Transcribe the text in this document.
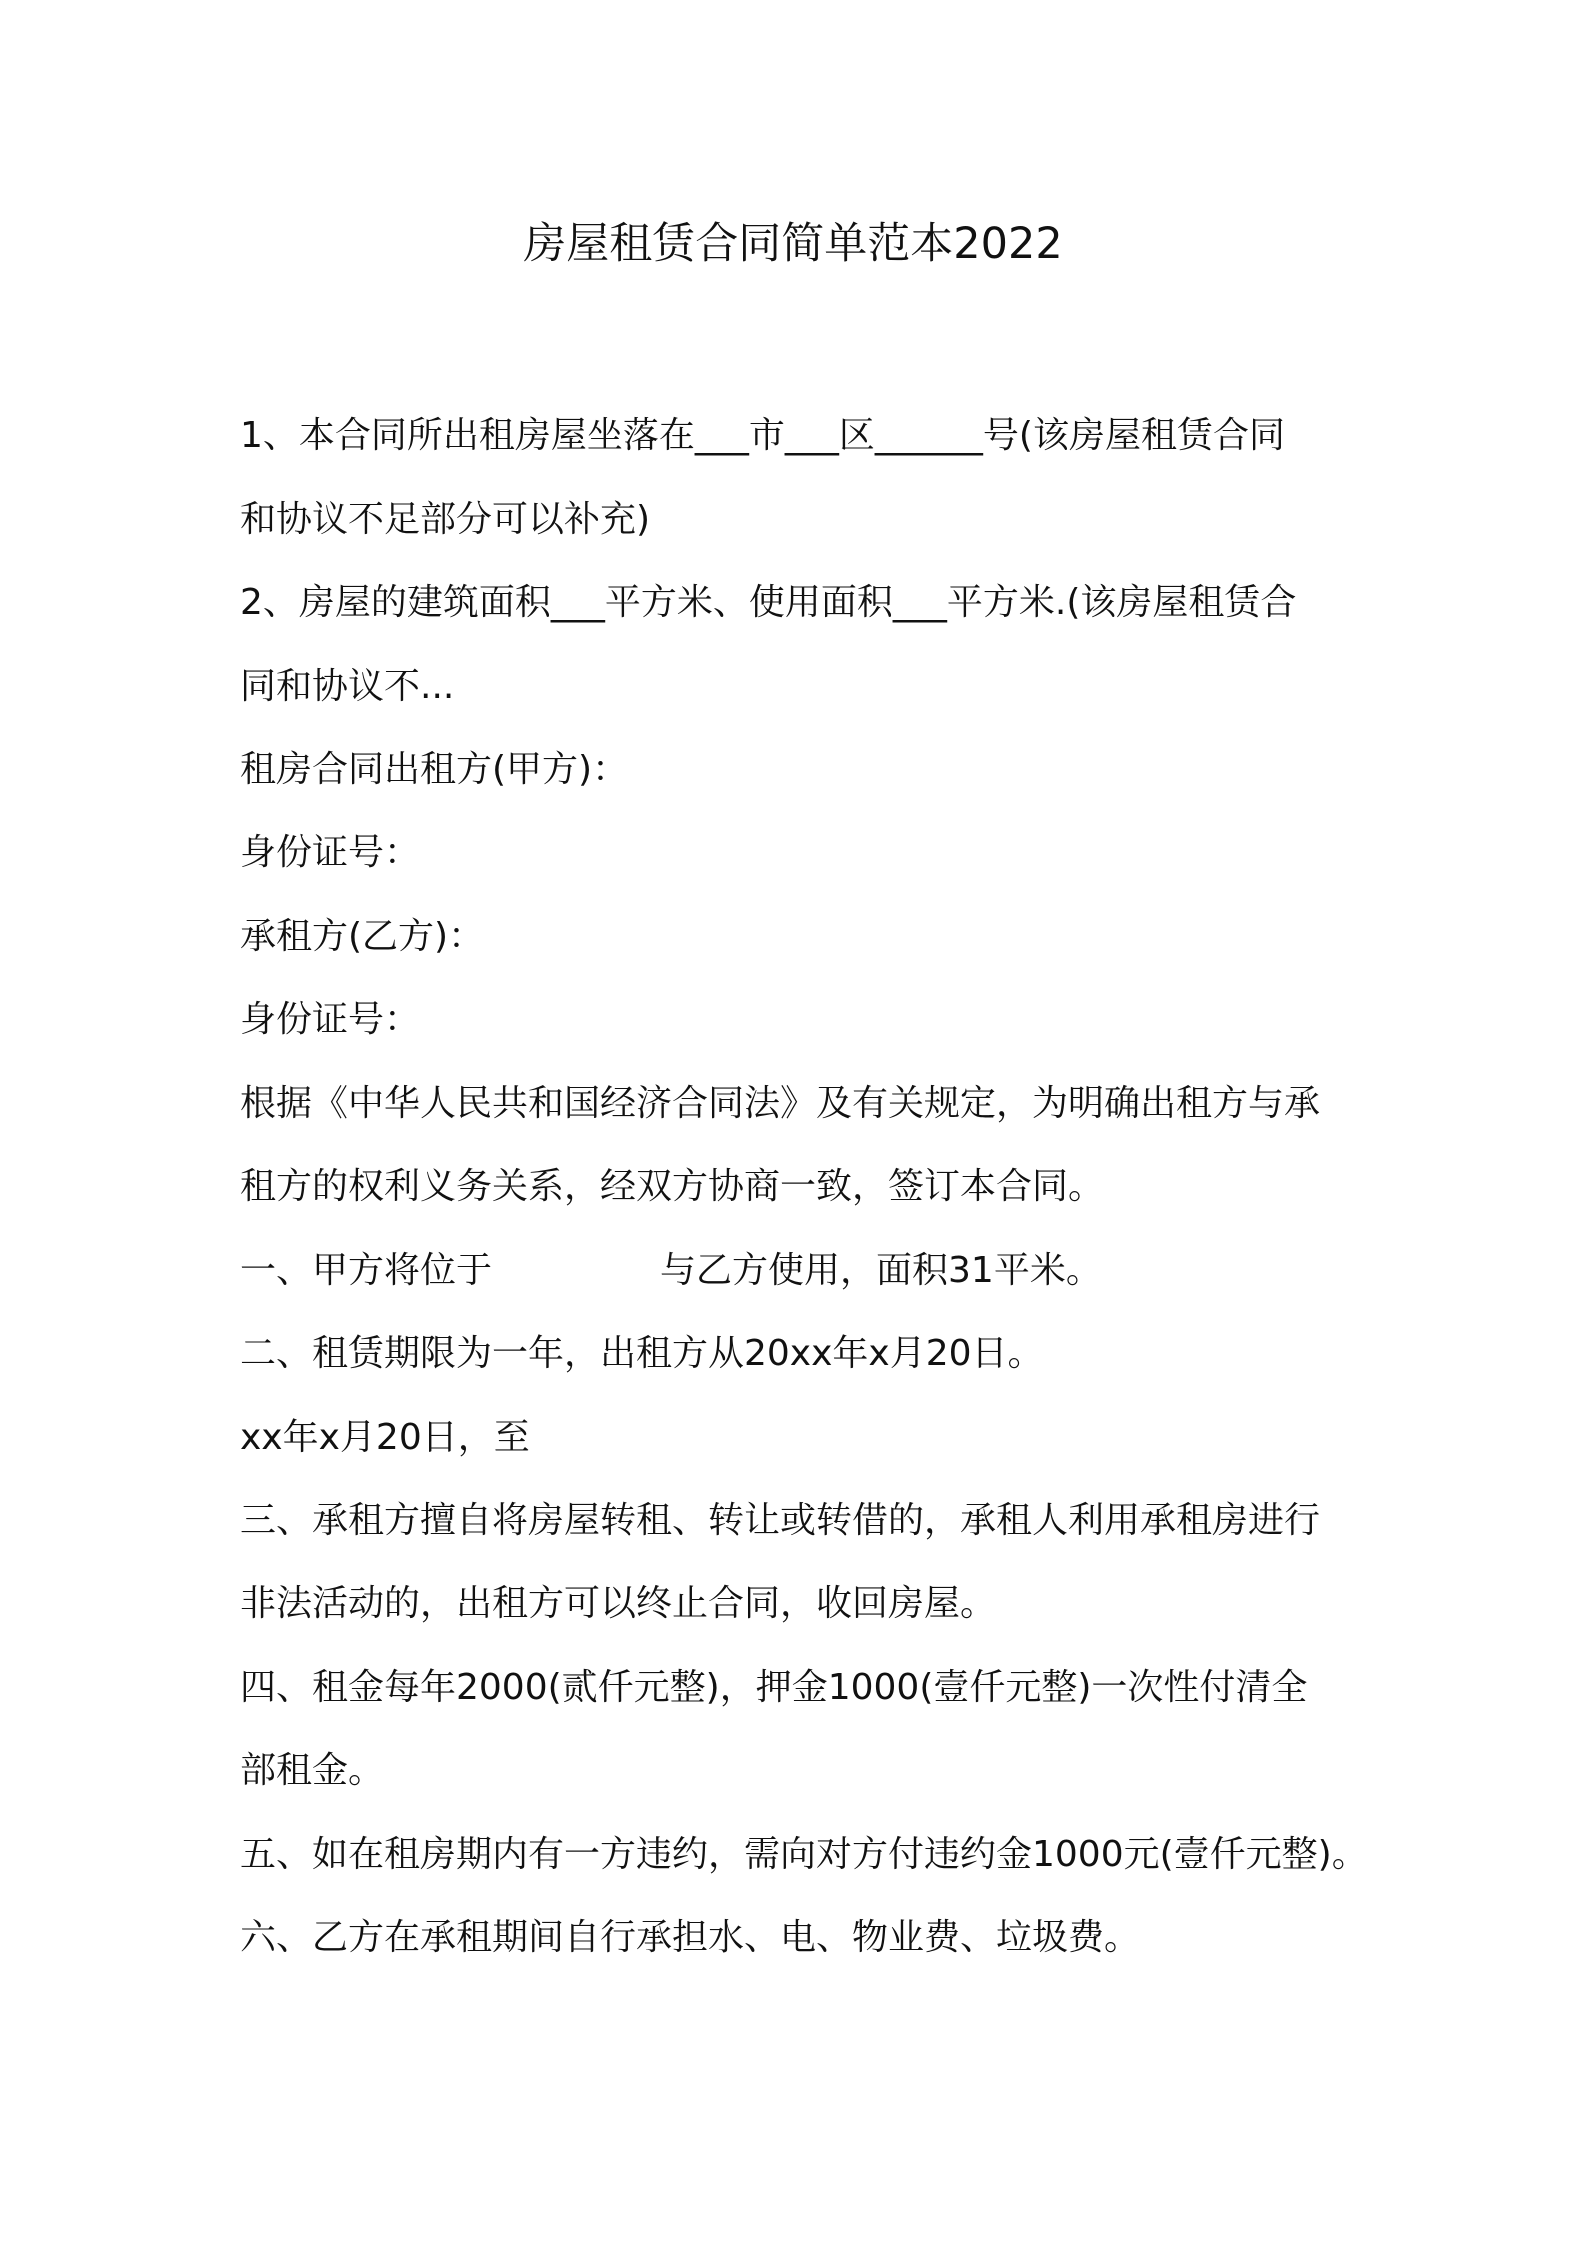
房屋租赁合同简单范本2022
1、本合同所出租房屋坐落在___市___区______号(该房屋租赁合同
和协议不足部分可以补充)
2、房屋的建筑面积___平方米、使用面积___平方米.(该房屋租赁合
同和协议不...
租房合同出租方(甲方)：
身份证号：
承租方(乙方)：
身份证号：
根据《中华人民共和国经济合同法》及有关规定，为明确出租方与承
租方的权利义务关系，经双方协商一致，签订本合同。
一、甲方将位于	与乙方使用，面积31平米。
二、租赁期限为一年，出租方从20xx年x月20日。
xx年x月20日，至
三、承租方擅自将房屋转租、转让或转借的，承租人利用承租房进行
非法活动的，出租方可以终止合同，收回房屋。
四、租金每年2000(贰仟元整)，押金1000(壹仟元整)一次性付清全
部租金。
五、如在租房期内有一方违约，需向对方付违约金1000元(壹仟元整)。
六、乙方在承租期间自行承担水、电、物业费、垃圾费。
